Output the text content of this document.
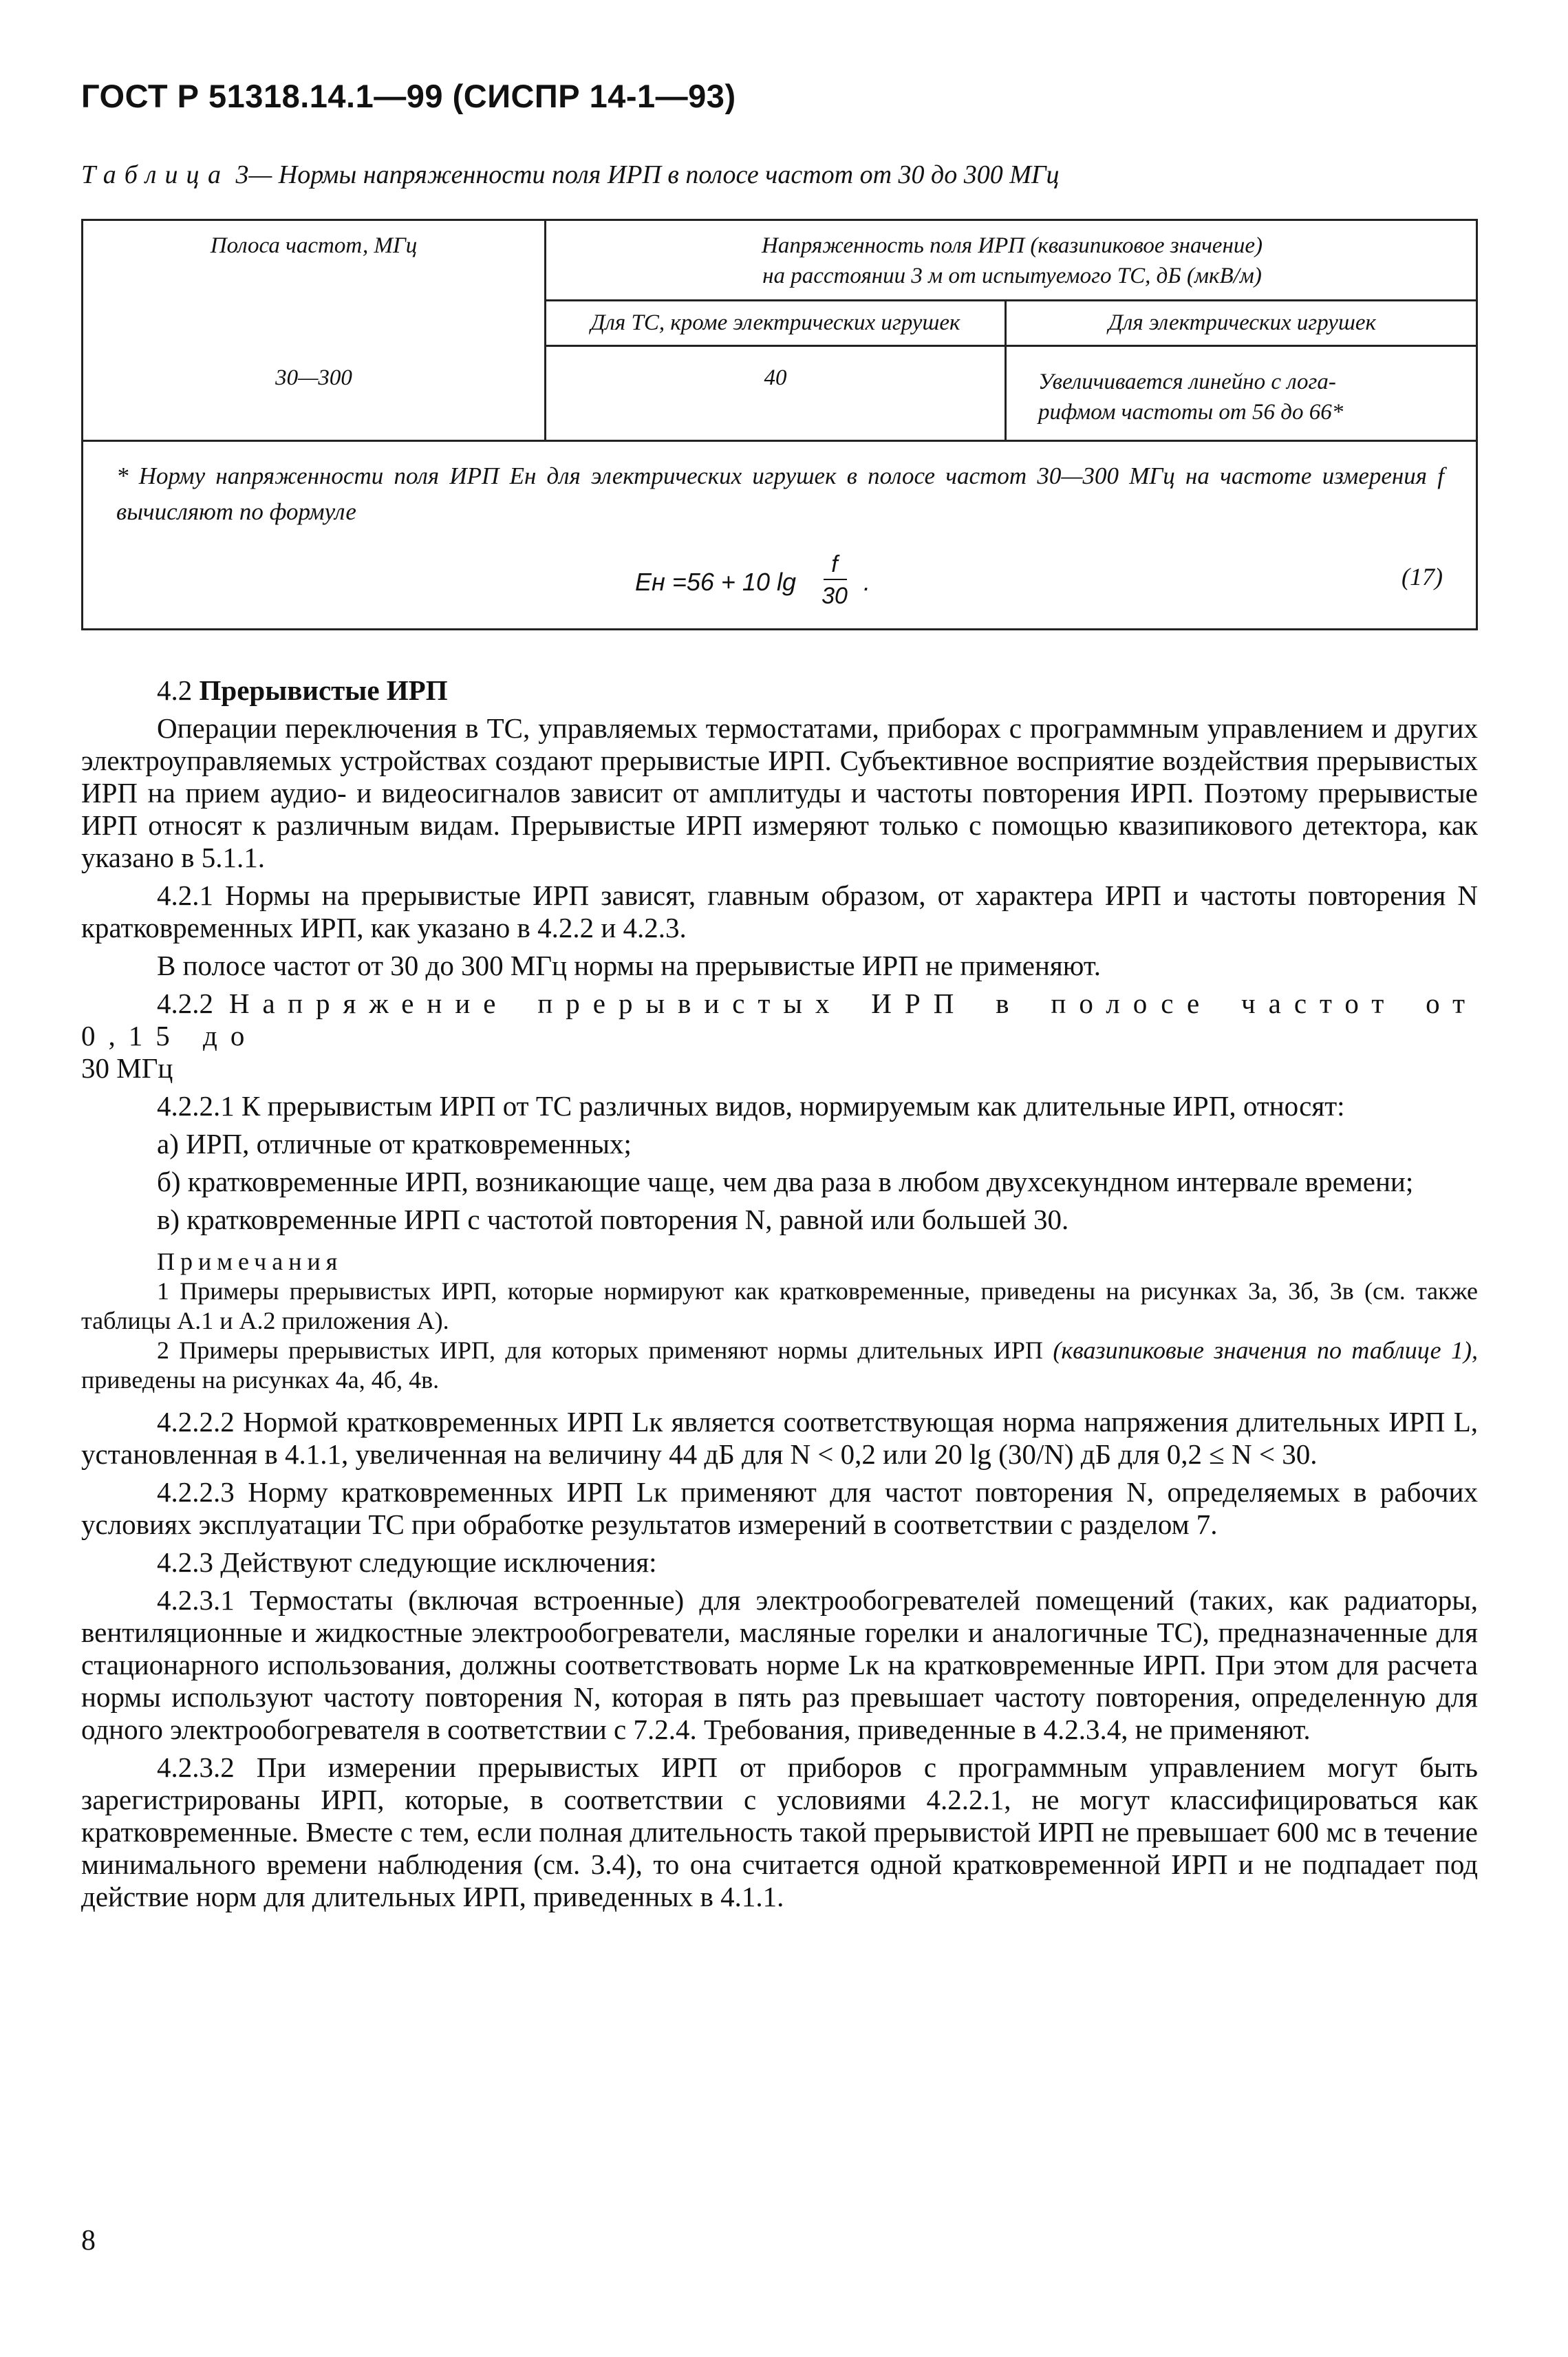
ГОСТ Р 51318.14.1—99 (СИСПР 14-1—93)
Таблица 3— Нормы напряженности поля ИРП в полосе частот от 30 до 300 МГц
Полоса частот, МГц	Напряженность поля ИРП (квазипиковое значение)
на расстоянии 3 м от испытуемого ТС, дБ (мкВ/м)
Для ТС, кроме электрических игрушек	Для электрических игрушек
30—300	40	Увеличивается линейно с лога-
рифмом частоты от 56 до 66*
* Норму напряженности поля ИРП Eн для электрических игрушек в полосе частот 30—300 МГц на частоте измерения f вычисляют по формуле
Eн =56 + 10 lg
f
30 .	(17)

4.2 Прерывистые ИРП

Операции переключения в ТС, управляемых термостатами, приборах с программным управлением и других электроуправляемых устройствах создают прерывистые ИРП. Субъективное восприятие воздействия прерывистых ИРП на прием аудио- и видеосигналов зависит от амплитуды и частоты повторения ИРП. Поэтому прерывистые ИРП относят к различным видам. Прерывистые ИРП измеряют только с помощью квазипикового детектора, как указано в 5.1.1.

4.2.1 Нормы на прерывистые ИРП зависят, главным образом, от характера ИРП и частоты повторения N кратковременных ИРП, как указано в 4.2.2 и 4.2.3.

В полосе частот от 30 до 300 МГц нормы на прерывистые ИРП не применяют.

4.2.2 Напряжение прерывистых ИРП в полосе частот от 0,15 до

30 МГц

4.2.2.1 К прерывистым ИРП от ТС различных видов, нормируемым как длительные ИРП, относят:

а) ИРП, отличные от кратковременных;

б) кратковременные ИРП, возникающие чаще, чем два раза в любом двухсекундном интервале времени;

в) кратковременные ИРП с частотой повторения N, равной или большей 30.

Примечания

1 Примеры прерывистых ИРП, которые нормируют как кратковременные, приведены на рисунках 3а, 3б, 3в (см. также таблицы А.1 и А.2 приложения А).

2 Примеры прерывистых ИРП, для которых применяют нормы длительных ИРП (квазипиковые значения по таблице 1), приведены на рисунках 4а, 4б, 4в.

4.2.2.2 Нормой кратковременных ИРП Lк является соответствующая норма напряжения длительных ИРП L, установленная в 4.1.1, увеличенная на величину 44 дБ для N < 0,2 или 20 lg (30/N) дБ для 0,2 ≤ N < 30.

4.2.2.3 Норму кратковременных ИРП Lк применяют для частот повторения N, определяемых в рабочих условиях эксплуатации ТС при обработке результатов измерений в соответствии с разделом 7.

4.2.3 Действуют следующие исключения:

4.2.3.1 Термостаты (включая встроенные) для электрообогревателей помещений (таких, как радиаторы, вентиляционные и жидкостные электрообогреватели, масляные горелки и аналогичные ТС), предназначенные для стационарного использования, должны соответствовать норме Lк на кратковременные ИРП. При этом для расчета нормы используют частоту повторения N, которая в пять раз превышает частоту повторения, определенную для одного электрообогревателя в соответствии с 7.2.4. Требования, приведенные в 4.2.3.4, не применяют.

4.2.3.2 При измерении прерывистых ИРП от приборов с программным управлением могут быть зарегистрированы ИРП, которые, в соответствии с условиями 4.2.2.1, не могут классифицироваться как кратковременные. Вместе с тем, если полная длительность такой прерывистой ИРП не превышает 600 мс в течение минимального времени наблюдения (см. 3.4), то она считается одной кратковременной ИРП и не подпадает под действие норм для длительных ИРП, приведенных в 4.1.1.

8
